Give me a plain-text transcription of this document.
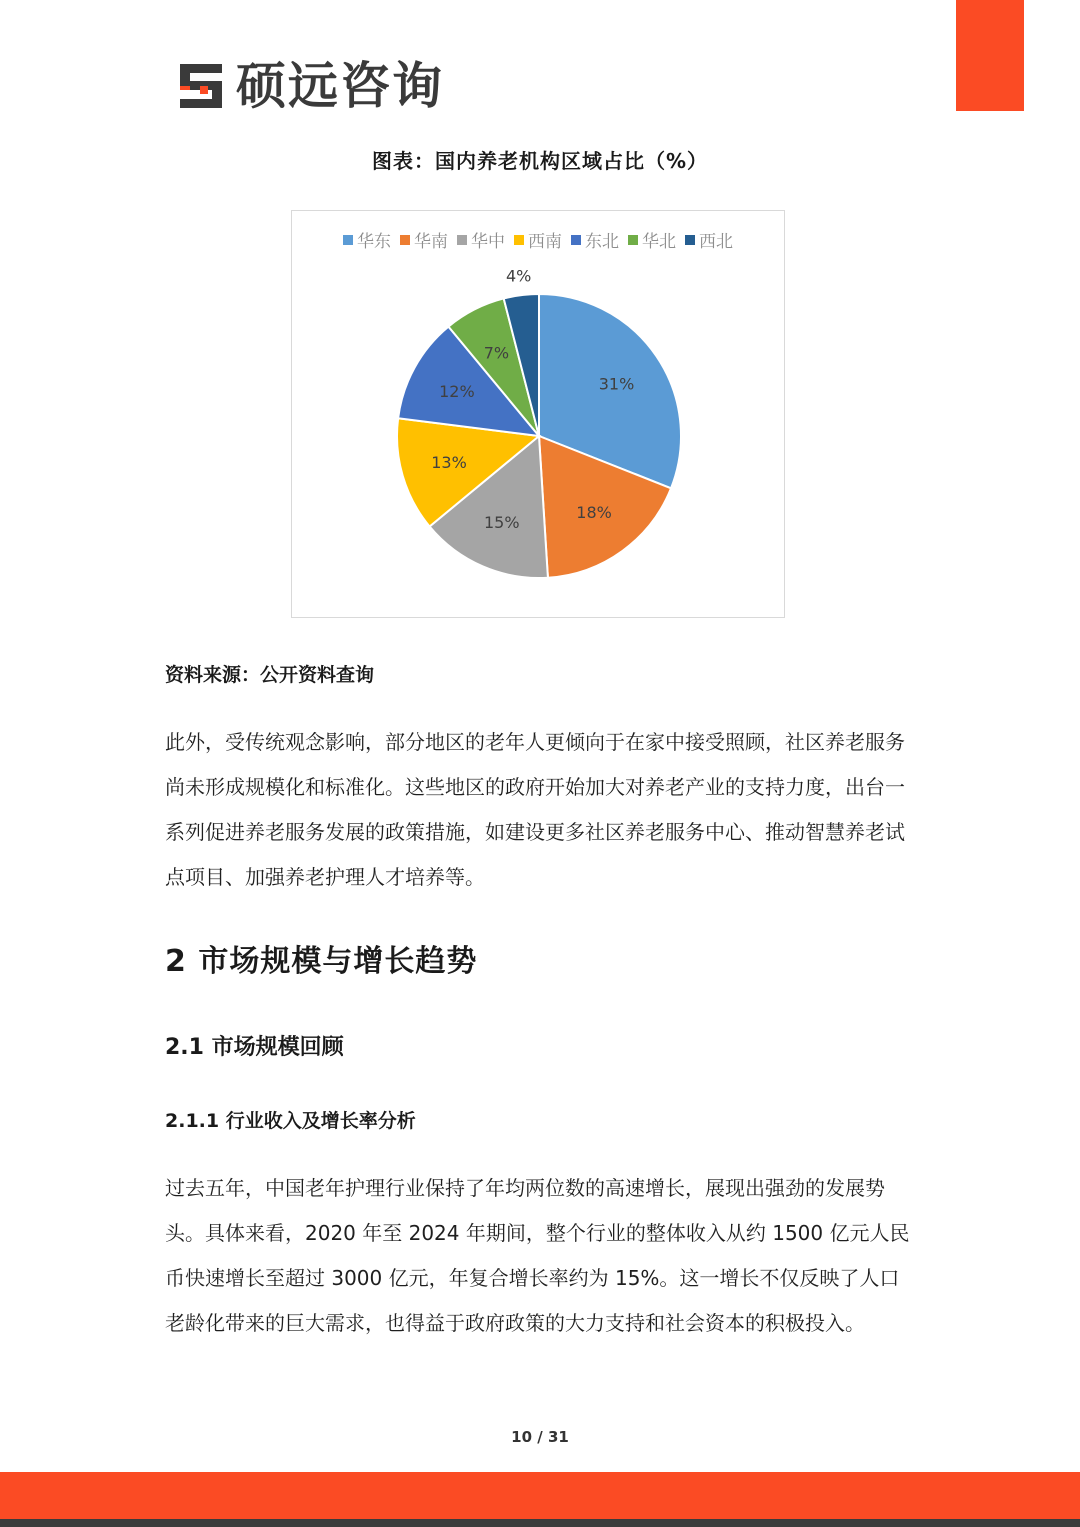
硕远咨询
图表：国内养老机构区域占比（%）
31%
18%
15%
13%
12%
7%
4%
华东 华南 华中 西南 东北 华北 西北
资料来源：公开资料查询
此外，受传统观念影响，部分地区的老年人更倾向于在家中接受照顾，社区养老服务尚未形成规模化和标准化。这些地区的政府开始加大对养老产业的支持力度，出台一系列促进养老服务发展的政策措施，如建设更多社区养老服务中心、推动智慧养老试点项目、加强养老护理人才培养等。
2 市场规模与增长趋势
2.1 市场规模回顾
2.1.1 行业收入及增长率分析
过去五年，中国老年护理行业保持了年均两位数的高速增长，展现出强劲的发展势头。具体来看，2020 年至 2024 年期间，整个行业的整体收入从约 1500 亿元人民币快速增长至超过 3000 亿元，年复合增长率约为 15%。这一增长不仅反映了人口老龄化带来的巨大需求，也得益于政府政策的大力支持和社会资本的积极投入。
10 / 31
